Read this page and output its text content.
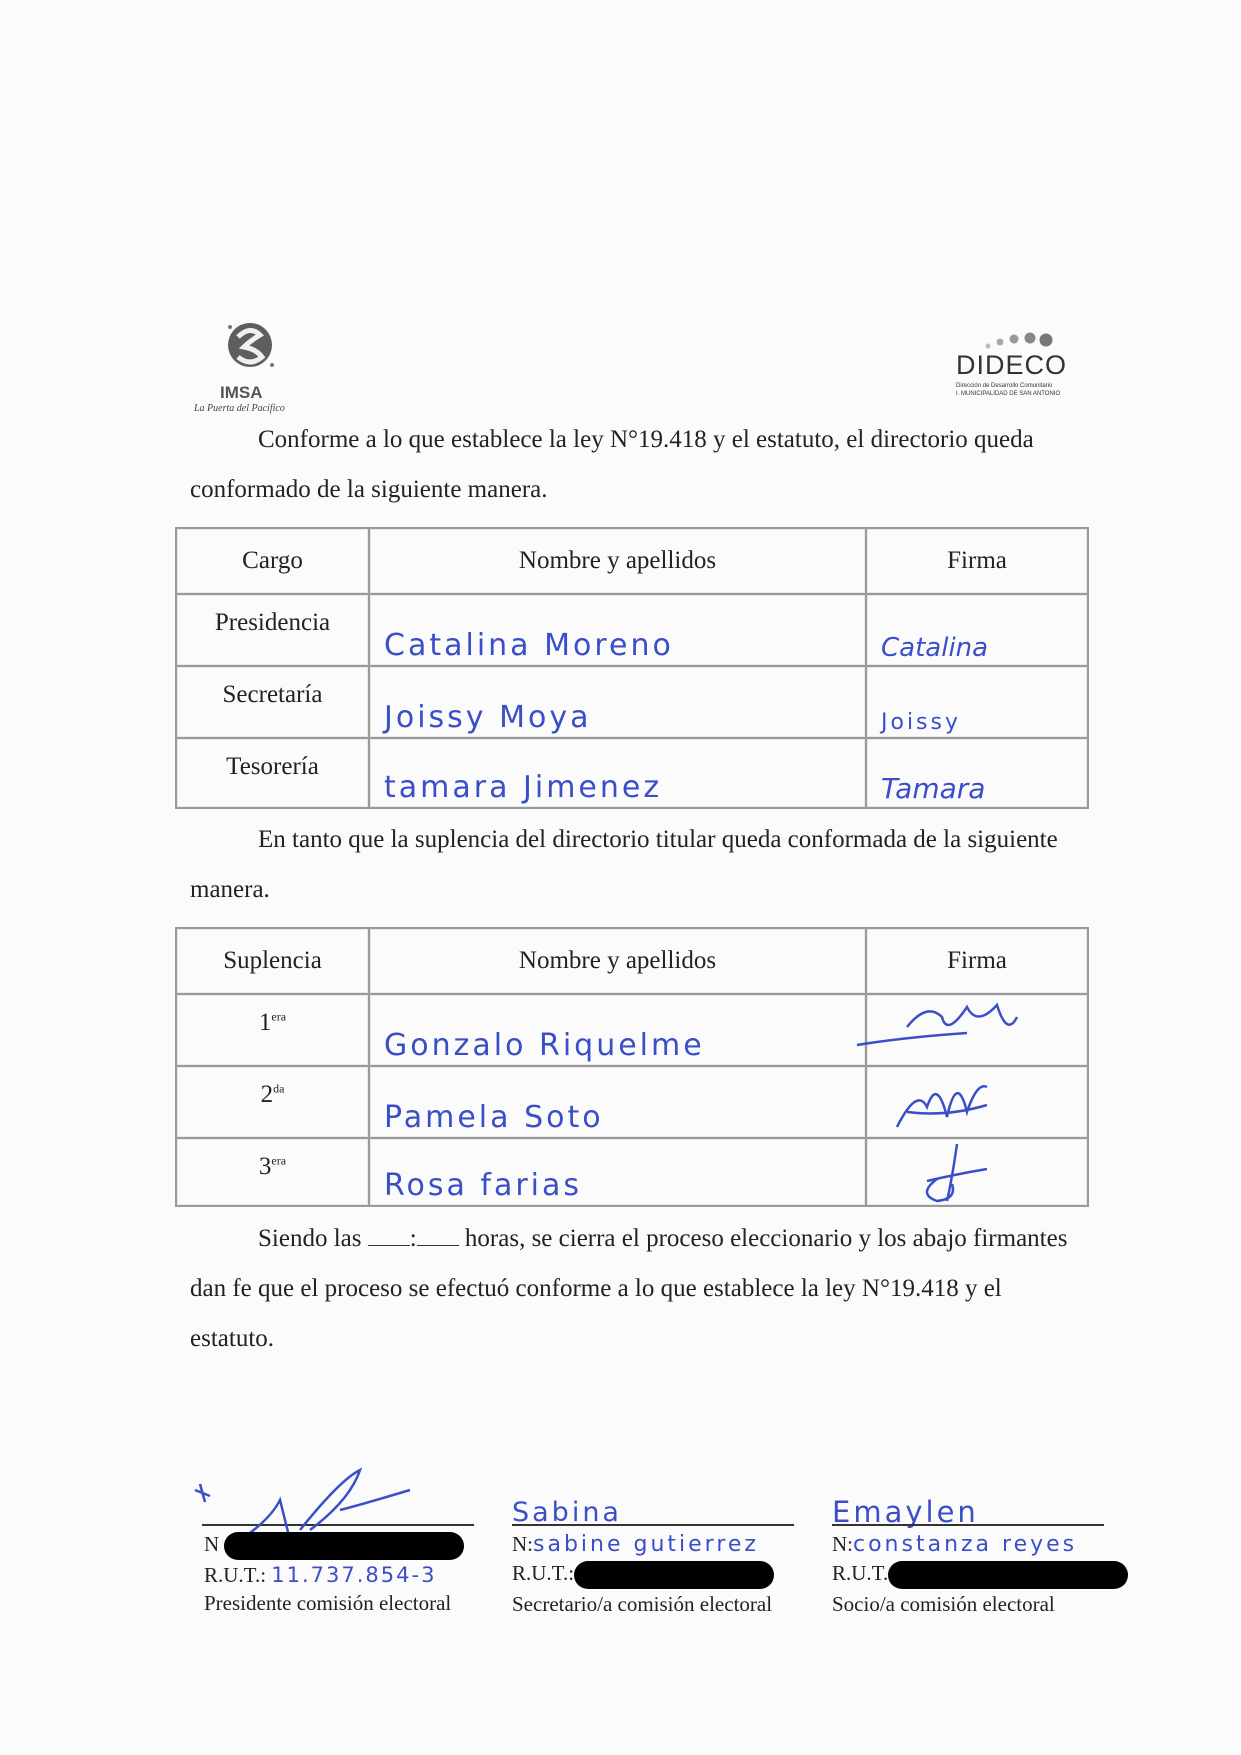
IMSA
La Puerta del Pacífico
DIDECO
Dirección de Desarrollo Comunitario
I. MUNICIPALIDAD DE SAN ANTONIO
Conforme a lo que establece la ley N°19.418 y el estatuto, el directorio queda conformado de la siguiente manera.
Cargo	Nombre y apellidos	Firma
Presidencia	Catalina Moreno	Catalina

Secretaría	Joissy Moya	Joissy

Tesorería	tamara Jimenez	Tamara
En tanto que la suplencia del directorio titular queda conformada de la siguiente manera.
Suplencia	Nombre y apellidos	Firma
$1^{era}$	Gonzalo Riquelme	

$2^{da}$	Pamela Soto	

$3^{era}$	Rosa farias	
Siendo las : horas, se cierra el proceso eleccionario y los abajo firmantes dan fe que el proceso se efectuó conforme a lo que establece la ley N°19.418 y el estatuto.
N
R.U.T.: 11.737.854-3
Presidente comisión electoral
Sabina
N:sabine gutierrez
R.U.T.:
Secretario/a comisión electoral
Emaylen
N:constanza reyes
R.U.T.
Socio/a comisión electoral
